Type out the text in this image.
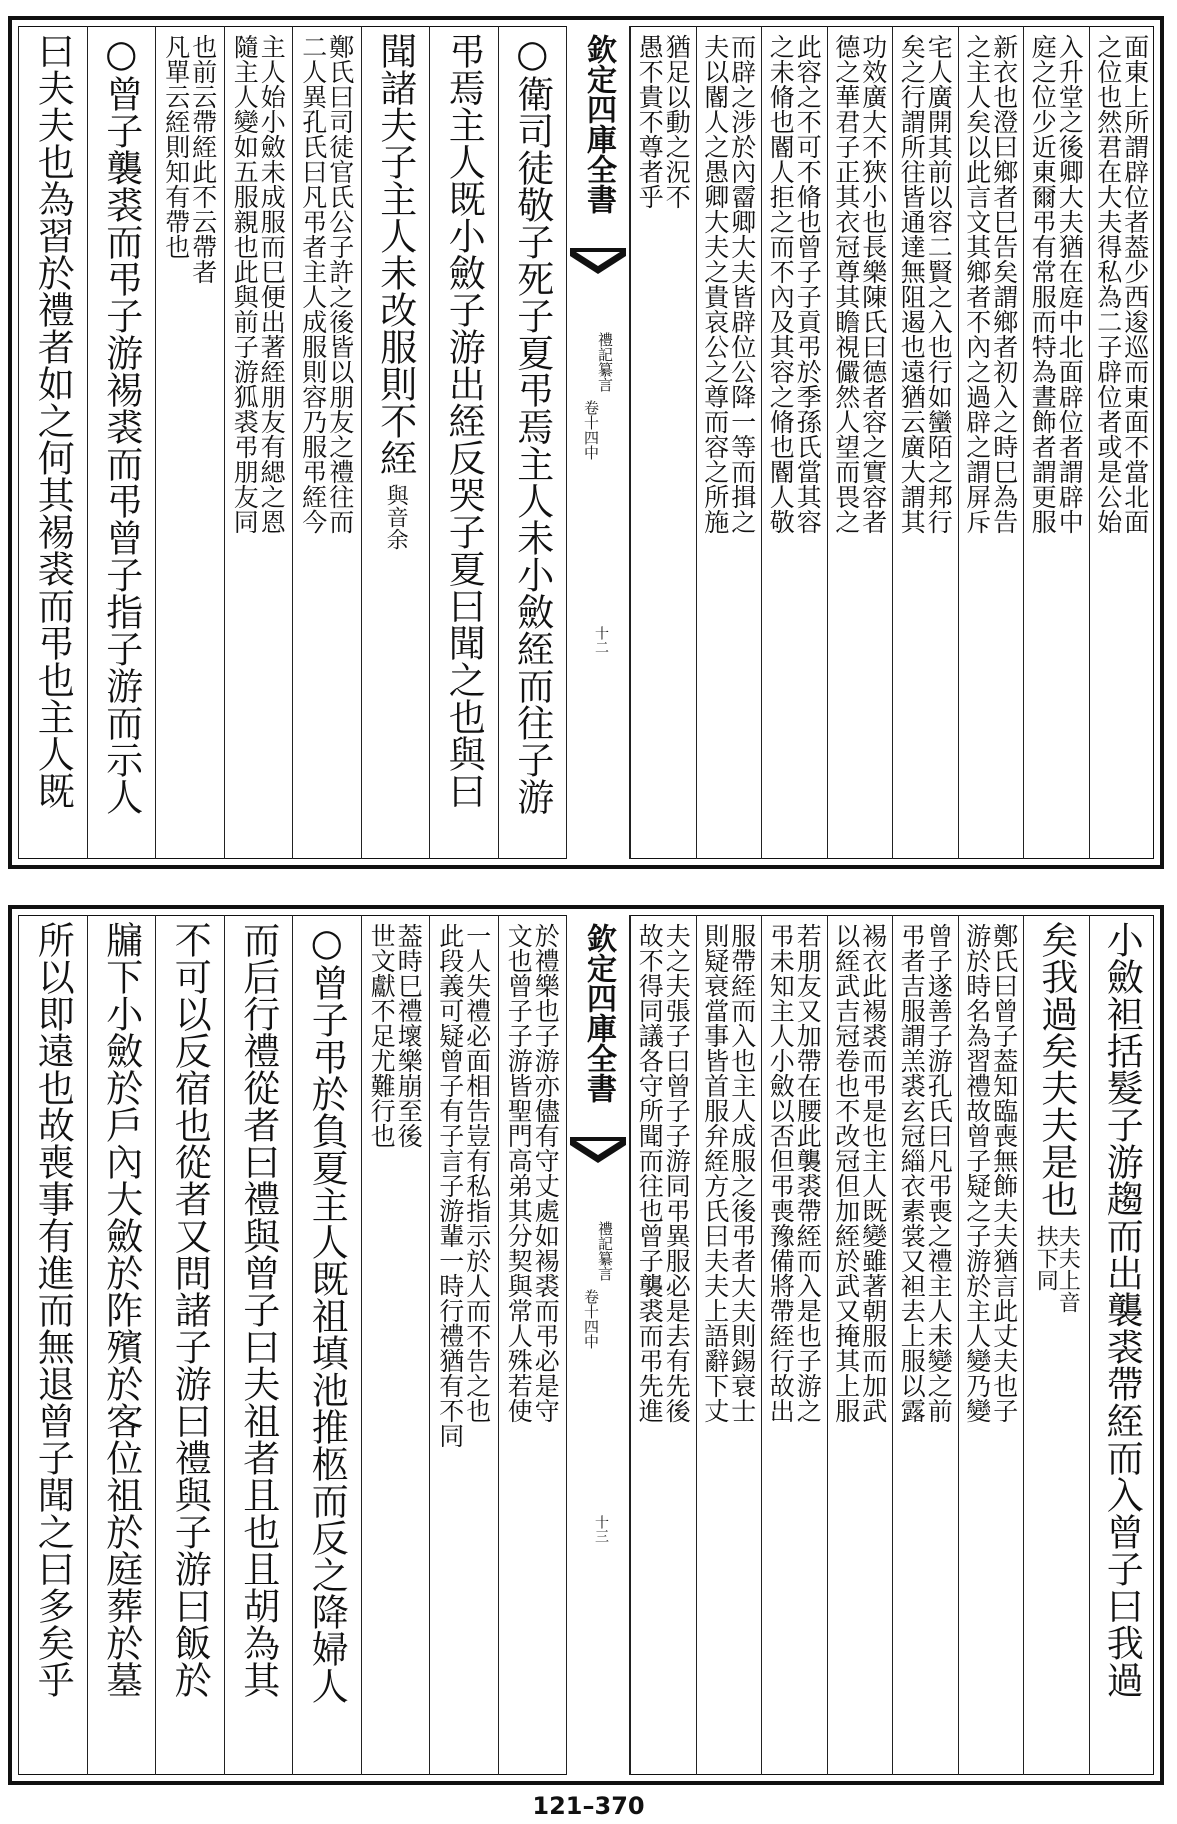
欽定四庫全書
禮記纂言
卷十四中
十二
面東上所謂辟位者葢少西逡巡而東面不當北面
之位也然君在大夫得私為二子辟位者或是公始
入升堂之後卿大夫猶在庭中北面辟位者謂辟中
庭之位少近東爾弔有常服而特為晝飾者謂更服
新衣也澄曰鄉者巳告矣謂鄉者初入之時巳為告
之主人矣以此言文其鄉者不內之過辟之謂屏斥
宅人廣開其前以容二賢之入也行如蠻陌之邦行
矣之行謂所往皆通達無阻遏也遠猶云廣大謂其
功效廣大不狹小也長樂陳氏曰德者容之實容者
德之華君子正其衣冠尊其瞻視儼然人望而畏之
此容之不可不脩也曾子子貢弔於季孫氏當其容
之未脩也閽人拒之而不內及其容之脩也閽人敬
而辟之涉於內霤卿大夫皆辟位公降一等而揖之
夫以閽人之愚卿大夫之貴哀公之尊而容之所施
猶足以動之況不
愚不貴不尊者乎
○衛司徒敬子死子夏弔焉主人未小斂絰而往子游
弔焉主人既小斂子游出絰反哭子夏曰聞之也與曰
聞諸夫子主人未改服則不絰
與音余
鄭氏曰司徒官氏公子許之後皆以朋友之禮往而
二人異孔氏曰凡弔者主人成服則容乃服弔絰今
主人始小斂未成服而巳便出著絰朋友有緦之恩
隨主人變如五服親也此與前子游狐裘弔朋友同
也前云帶絰此不云帶者
凡單云絰則知有帶也
○曾子襲裘而弔子游裼裘而弔曾子指子游而示人
曰夫夫也為習於禮者如之何其裼裘而弔也主人既
欽定四庫全書
禮記纂言
卷十四中
十三	小斂袒括髮子游趨而出襲裘帶絰而入曾子曰我過
矣我過矣夫夫是也
夫夫上音扶下同
鄭氏曰曾子葢知臨喪無飾夫夫猶言此丈夫也子
游於時名為習禮故曾子疑之子游於主人變乃變
曾子遂善子游孔氏曰凡弔喪之禮主人未變之前
弔者吉服謂羔裘玄冠緇衣素裳又袒去上服以露
裼衣此裼裘而弔是也主人既變雖著朝服而加武
以絰武吉冠卷也不改冠但加絰於武又掩其上服
若朋友又加帶在腰此襲裘帶絰而入是也子游之
弔未知主人小斂以否但弔喪豫備將帶絰行故出
服帶絰而入也主人成服之後弔者大夫則錫衰士
則疑衰當事皆首服弁絰方氏曰夫夫上語辭下丈
夫之夫張子曰曾子子游同弔異服必是去有先後
故不得同議各守所聞而往也曾子襲裘而弔先進
於禮樂也子游亦儘有守丈處如裼裘而弔必是守
文也曾子子游皆聖門高弟其分契與常人殊若使
一人失禮必面相告豈有私指示於人而不告之也
此段義可疑曾子有子言子游輩一時行禮猶有不同
葢時巳禮壞樂崩至後
世文獻不足尤難行也
○曾子弔於負夏主人既祖填池推柩而反之降婦人
而后行禮從者曰禮與曾子曰夫祖者且也且胡為其
不可以反宿也從者又問諸子游曰禮與子游曰飯於
牖下小斂於戶內大斂於阼殯於客位祖於庭葬於墓
所以即遠也故喪事有進而無退曾子聞之曰多矣乎
121–370
